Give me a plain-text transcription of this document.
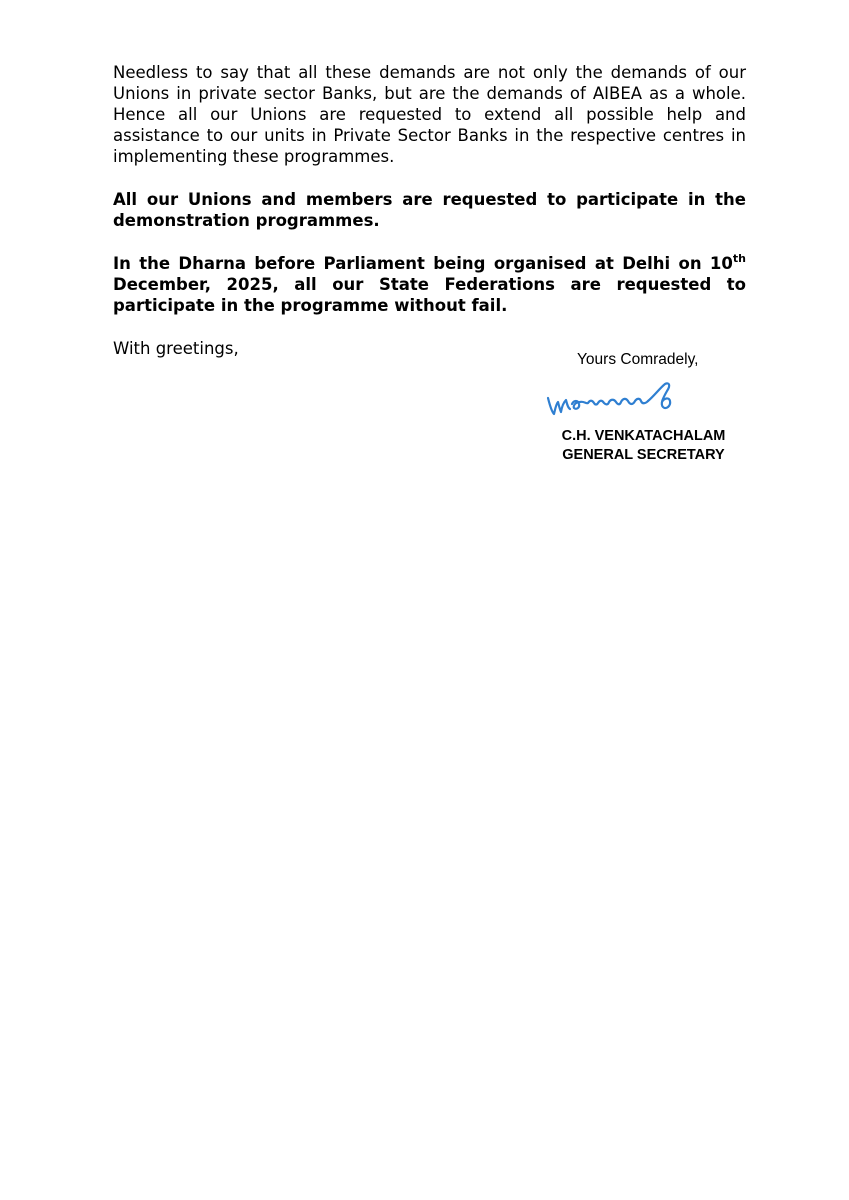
Needless to say that all these demands are not only the demands of our Unions in private sector Banks, but are the demands of AIBEA as a whole. Hence all our Unions are requested to extend all possible help and assistance to our units in Private Sector Banks in the respective centres in implementing these programmes.

All our Unions and members are requested to participate in the demonstration programmes.

In the Dharna before Parliament being organised at Delhi on 10th December, 2025, all our State Federations are requested to participate in the programme without fail.

With greetings,

Yours Comradely,
C.H. VENKATACHALAM
GENERAL SECRETARY
